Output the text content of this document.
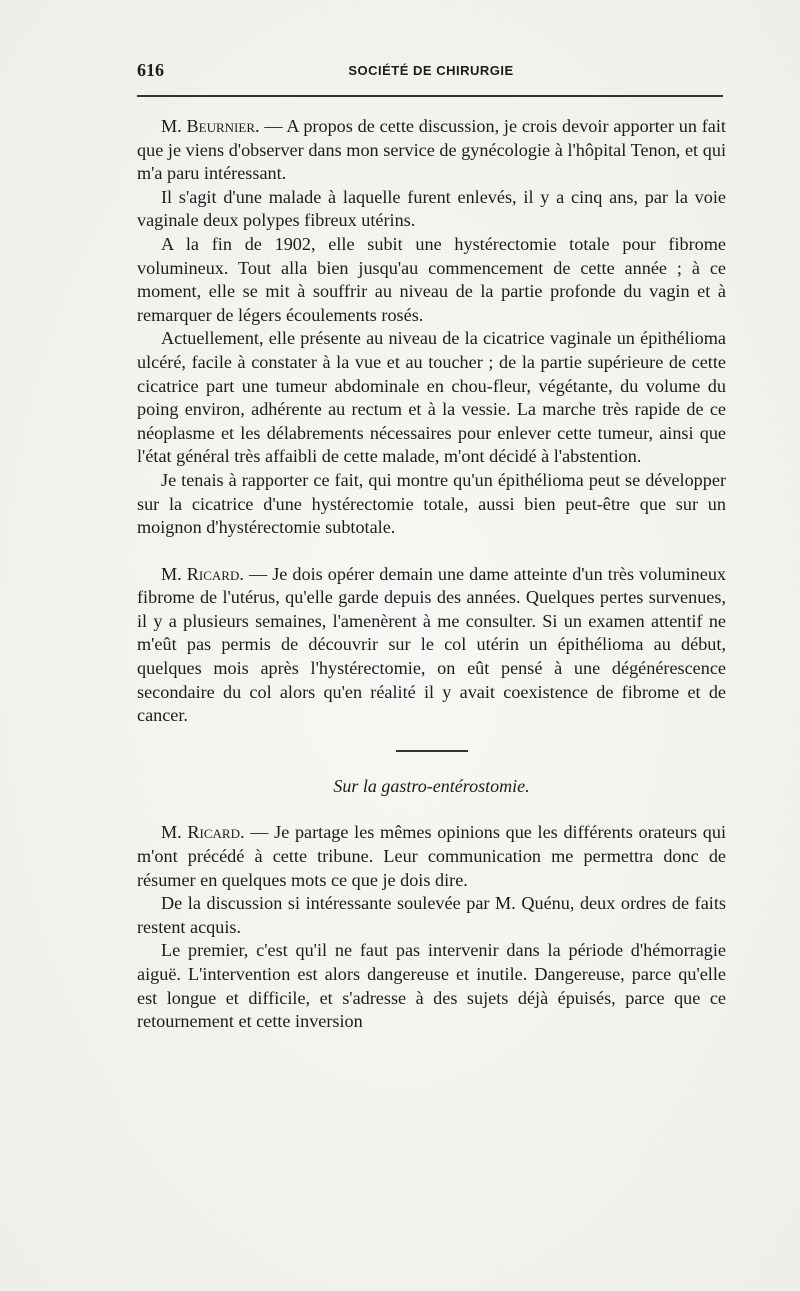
616	SOCIÉTÉ DE CHIRURGIE

M. Beurnier. — A propos de cette discussion, je crois devoir apporter un fait que je viens d'observer dans mon service de gynécologie à l'hôpital Tenon, et qui m'a paru intéressant.

Il s'agit d'une malade à laquelle furent enlevés, il y a cinq ans, par la voie vaginale deux polypes fibreux utérins.

A la fin de 1902, elle subit une hystérectomie totale pour fibrome volumineux. Tout alla bien jusqu'au commencement de cette année ; à ce moment, elle se mit à souffrir au niveau de la partie profonde du vagin et à remarquer de légers écoulements rosés.

Actuellement, elle présente au niveau de la cicatrice vaginale un épithélioma ulcéré, facile à constater à la vue et au toucher ; de la partie supérieure de cette cicatrice part une tumeur abdominale en chou-fleur, végétante, du volume du poing environ, adhérente au rectum et à la vessie. La marche très rapide de ce néoplasme et les délabrements nécessaires pour enlever cette tumeur, ainsi que l'état général très affaibli de cette malade, m'ont décidé à l'abstention.

Je tenais à rapporter ce fait, qui montre qu'un épithélioma peut se développer sur la cicatrice d'une hystérectomie totale, aussi bien peut-être que sur un moignon d'hystérectomie subtotale.

M. Ricard. — Je dois opérer demain une dame atteinte d'un très volumineux fibrome de l'utérus, qu'elle garde depuis des années. Quelques pertes survenues, il y a plusieurs semaines, l'amenèrent à me consulter. Si un examen attentif ne m'eût pas permis de découvrir sur le col utérin un épithélioma au début, quelques mois après l'hystérectomie, on eût pensé à une dégénérescence secondaire du col alors qu'en réalité il y avait coexistence de fibrome et de cancer.

Sur la gastro-entérostomie.

M. Ricard. — Je partage les mêmes opinions que les différents orateurs qui m'ont précédé à cette tribune. Leur communication me permettra donc de résumer en quelques mots ce que je dois dire.

De la discussion si intéressante soulevée par M. Quénu, deux ordres de faits restent acquis.

Le premier, c'est qu'il ne faut pas intervenir dans la période d'hémorragie aiguë. L'intervention est alors dangereuse et inutile. Dangereuse, parce qu'elle est longue et difficile, et s'adresse à des sujets déjà épuisés, parce que ce retournement et cette inversion
